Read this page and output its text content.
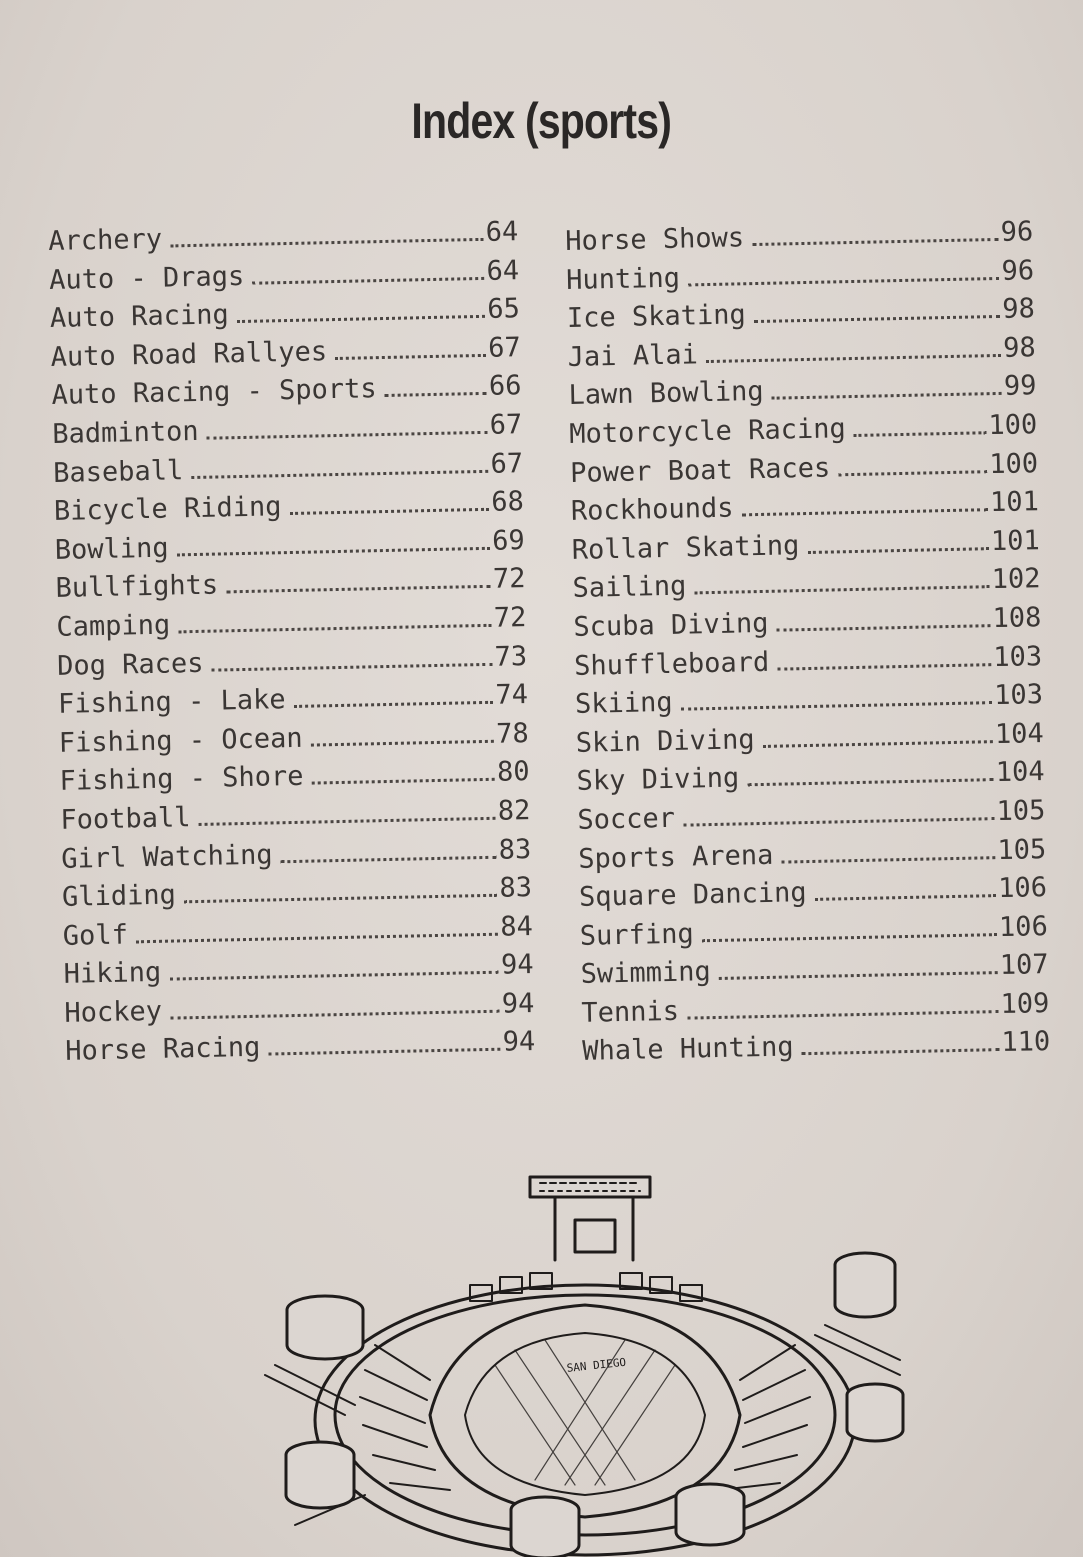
Index (sports)
Archery	64
Auto - Drags	64
Auto Racing	65
Auto Road Rallyes	67
Auto Racing - Sports	66
Badminton	67
Baseball	67
Bicycle Riding	68
Bowling	69
Bullfights	72
Camping	72
Dog Races	73
Fishing - Lake	74
Fishing - Ocean	78
Fishing - Shore	80
Football	82
Girl Watching	83
Gliding	83
Golf	84
Hiking	94
Hockey	94
Horse Racing	94
Horse Shows	96
Hunting	96
Ice Skating	98
Jai Alai	98
Lawn Bowling	99
Motorcycle Racing	100
Power Boat Races	100
Rockhounds	101
Rollar Skating	101
Sailing	102
Scuba Diving	108
Shuffleboard	103
Skiing	103
Skin Diving	104
Sky Diving	104
Soccer	105
Sports Arena	105
Square Dancing	106
Surfing	106
Swimming	107
Tennis	109
Whale Hunting	110
SAN DIEGO
